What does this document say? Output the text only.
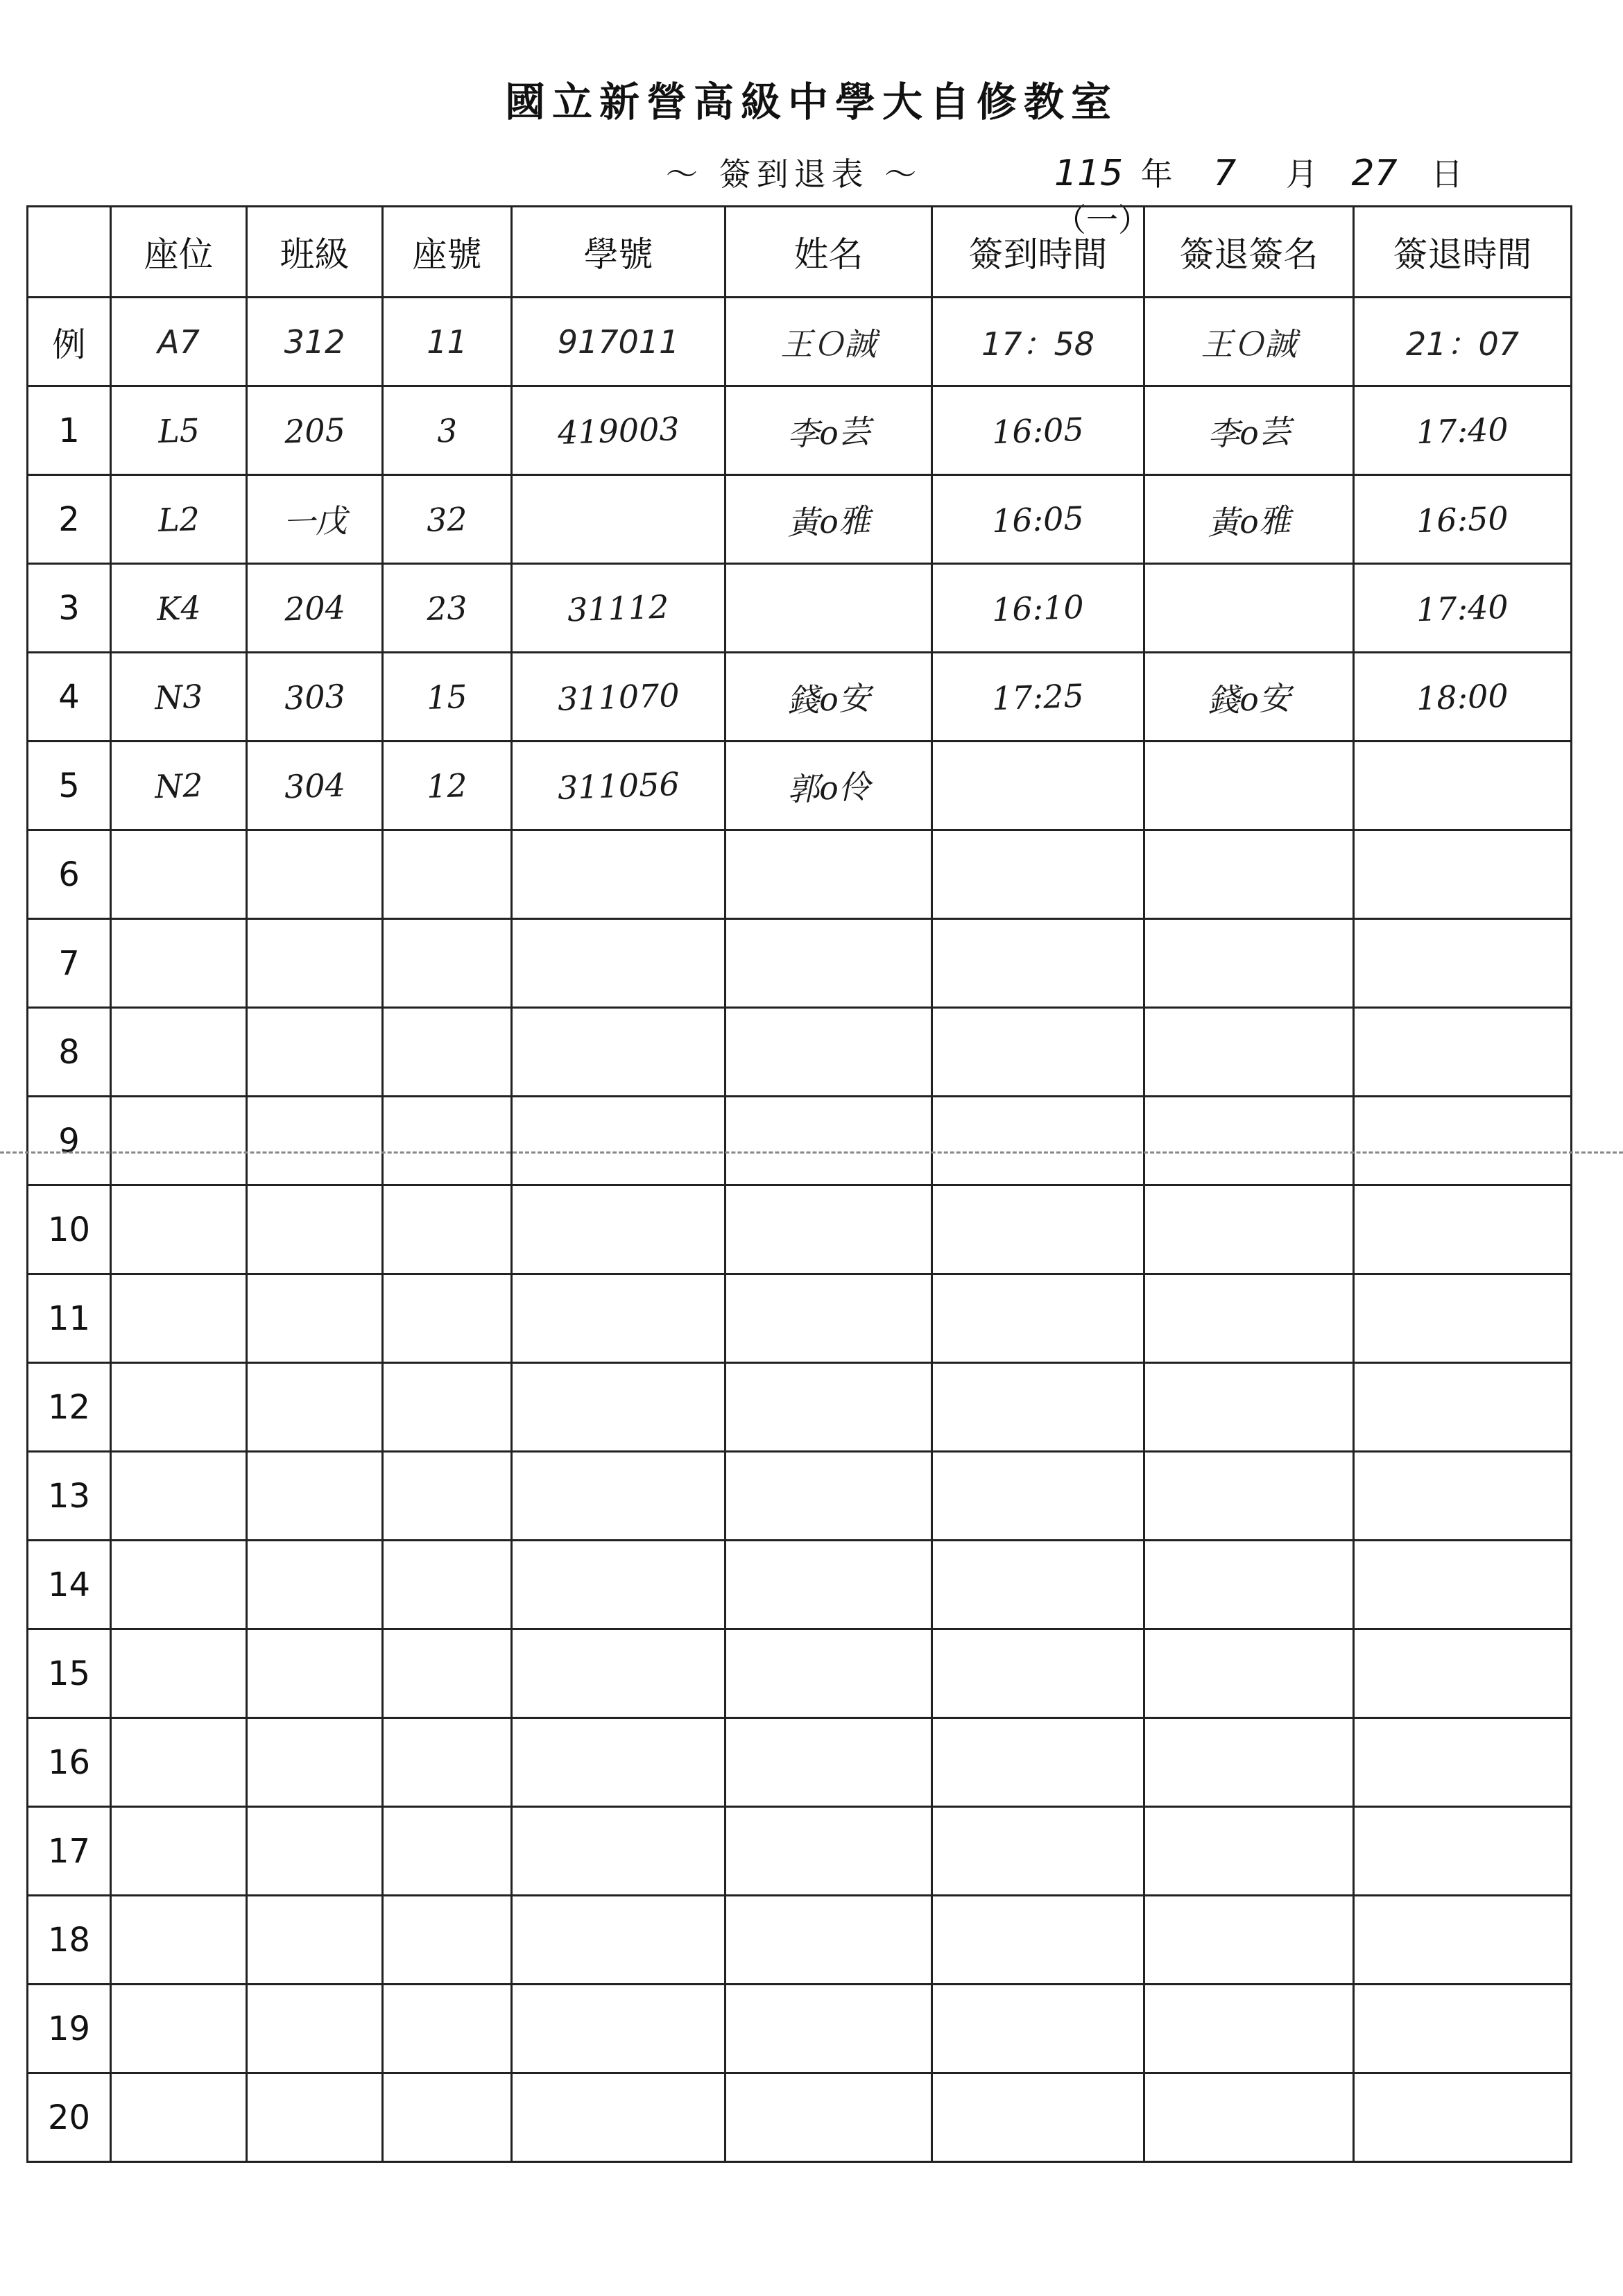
國立新營高級中學大自修教室
～ 簽到退表 ～	115 年 7 月 27 日 （一）
	座位	班級	座號	學號	姓名	簽到時間	簽退簽名	簽退時間
例	A7	312	11	917011	王Ｏ誠	17：58	王Ｏ誠	21：07
1	L5	205	3	419003	李o芸	16:05	李o芸	17:40
2	L2	一戊	32		黃o雅	16:05	黃o雅	16:50
3	K4	204	23	31112		16:10		17:40
4	N3	303	15	311070	錢o安	17:25	錢o安	18:00
5	N2	304	12	311056	郭o伶			
6								
7								
8								
9								
10								
11								
12								
13								
14								
15								
16								
17								
18								
19								
20								
